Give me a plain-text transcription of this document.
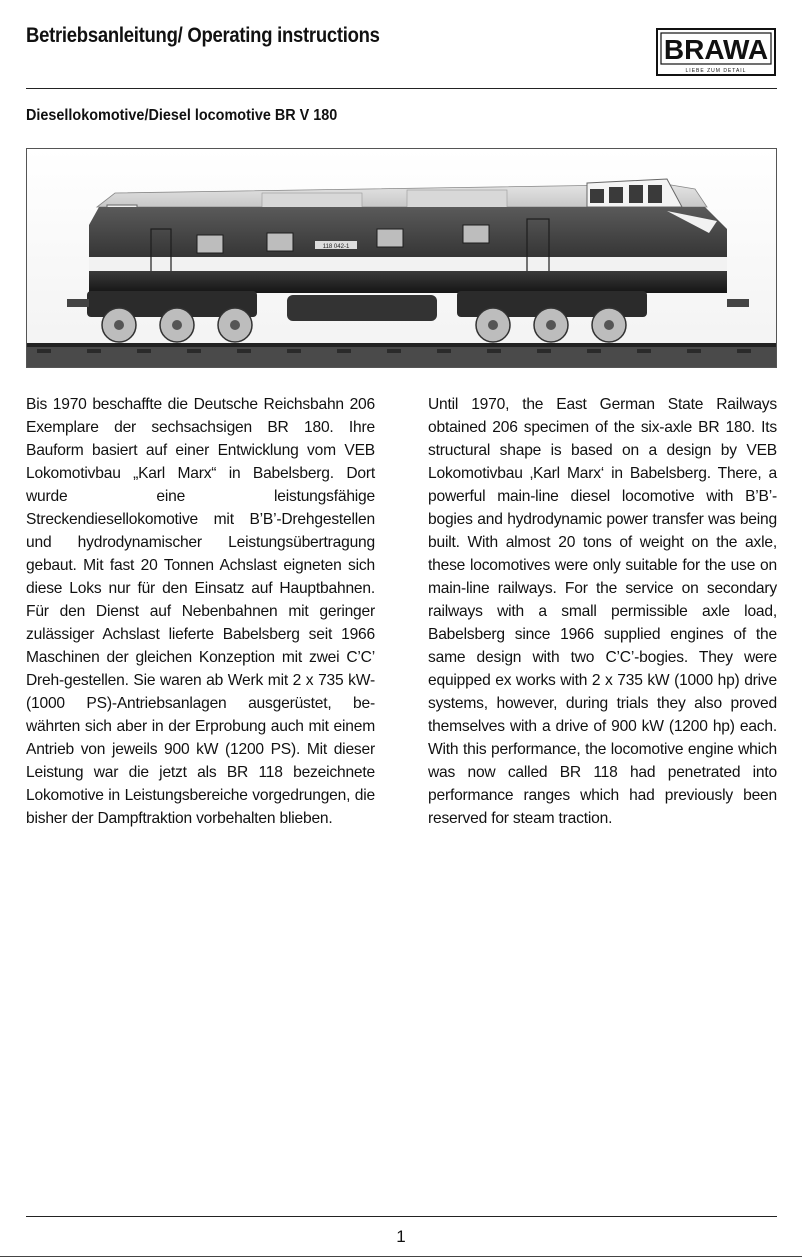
Betriebsanleitung/ Operating instructions	BRAWA
LIEBE ZUM DETAIL
Diesellokomotive/Diesel locomotive BR V 180
118 042-1
Bis 1970 beschaffte die Deutsche Reichsbahn 206 Exemplare der sechsachsigen BR 180. Ihre Bauform basiert auf einer Entwicklung vom VEB Lokomotivbau „Karl Marx“ in Babelsberg. Dort wurde eine leistungsfähige Streckendiesellokomotive mit B’B’-Drehgestellen und hydrodynamischer Leistungsübertragung gebaut. Mit fast 20 Tonnen Achslast eigneten sich diese Loks nur für den Einsatz auf Hauptbahnen. Für den Dienst auf Nebenbahnen mit geringer zulässiger Achslast lieferte Babelsberg seit 1966 Maschinen der gleichen Konzeption mit zwei C’C’ Dreh-gestellen. Sie waren ab Werk mit 2 x 735 kW-(1000 PS)-Antriebsanlagen ausgerüstet, be-währten sich aber in der Erprobung auch mit einem Antrieb von jeweils 900 kW (1200 PS). Mit dieser Leistung war die jetzt als BR 118 bezeichnete Lokomotive in Leistungsbereiche vorgedrungen, die bisher der Dampftraktion vorbehalten blieben.
Until 1970, the East German State Railways obtained 206 specimen of the six-axle BR 180. Its structural shape is based on a design by VEB Lokomotivbau ‚Karl Marx‘ in Babelsberg. There, a powerful main-line diesel locomotive with B’B’-bogies and hydrodynamic power transfer was being built. With almost 20 tons of weight on the axle, these locomotives were only suitable for the use on main-line railways. For the service on secondary railways with a small permissible axle load, Babelsberg since 1966 supplied engines of the same design with two C’C’-bogies. They were equipped ex works with 2 x 735 kW (1000 hp) drive systems, however, during trials they also proved themselves with a drive of 900 kW (1200 hp) each. With this performance, the locomotive engine which was now called BR 118 had penetrated into performance ranges which had previously been reserved for steam traction.
1
